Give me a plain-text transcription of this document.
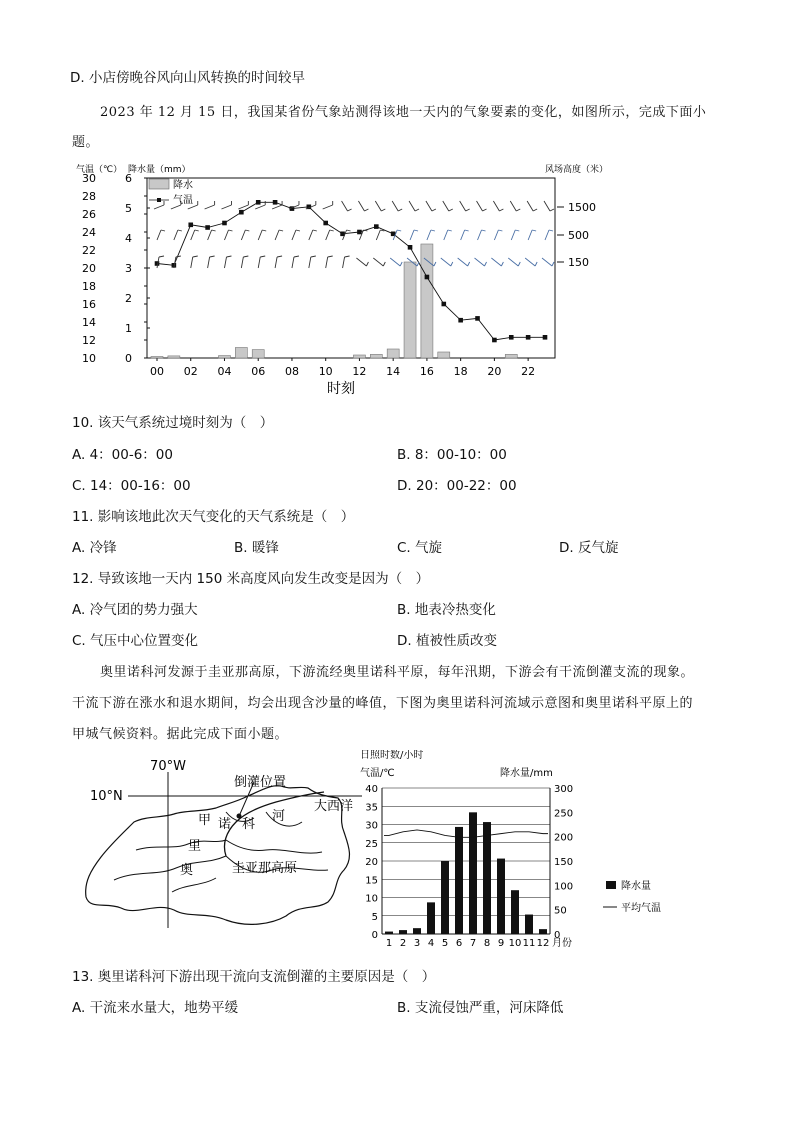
D. 小店傍晚谷风向山风转换的时间较早
2023 年 12 月 15 日，我国某省份气象站测得该地一天内的气象要素的变化，如图所示，完成下面小
题。
10
12
14
16
18
20
22
24
26
28
30
0
1
2
3
4
5
6
00 02 04 06 08 10 12 14 16 18 20 22
气温（℃） 降水量（mm）	风场高度（米）
时刻
降水
气温
1500
500
150
10. 该天气系统过境时刻为（　）
A. 4：00-6：00	B. 8：00-10：00
C. 14：00-16：00	D. 20：00-22：00
11. 影响该地此次天气变化的天气系统是（　）
A. 冷锋	B. 暖锋	C. 气旋	D. 反气旋
12. 导致该地一天内 150 米高度风向发生改变是因为（　）
A. 冷气团的势力强大	B. 地表冷热变化
C. 气压中心位置变化	D. 植被性质改变
奥里诺科河发源于圭亚那高原，下游流经奥里诺科平原，每年汛期，下游会有干流倒灌支流的现象。
干流下游在涨水和退水期间，均会出现含沙量的峰值，下图为奥里诺科河流域示意图和奥里诺科平原上的
甲城气候资料。据此完成下面小题。
70°W
10°N
倒灌位置
大西洋
甲 诺 科
河
里
奥	圭亚那高原
日照时数/小时
气温/℃	降水量/mm
0
5
10
15
20
25
30
35
40
0
50
100
150
200
250
300
1 2 3 4 5 6 7 8 9 10 11 12 月份
降水量
平均气温
13. 奥里诺科河下游出现干流向支流倒灌的主要原因是（　）
A. 干流来水量大，地势平缓	B. 支流侵蚀严重，河床降低
